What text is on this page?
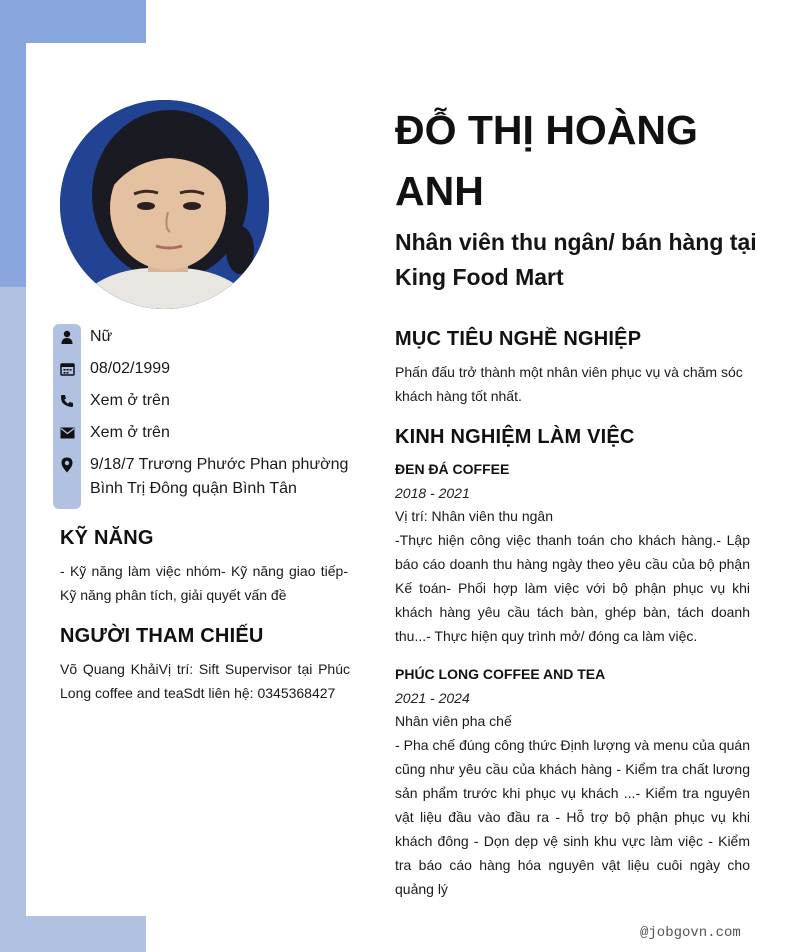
Nữ
08/02/1999
Xem ở trên
Xem ở trên
9/18/7 Trương Phước Phan phường Bình Trị Đông quận Bình Tân
KỸ NĂNG
- Kỹ năng làm việc nhóm- Kỹ năng giao tiếp- Kỹ năng phân tích, giải quyết vấn đề
NGƯỜI THAM CHIẾU
Võ Quang KhảiVị trí: Sift Supervisor tại Phúc Long coffee and teaSdt liên hệ: 0345368427
ĐỖ THỊ HOÀNG ANH
Nhân viên thu ngân/ bán hàng tại King Food Mart
MỤC TIÊU NGHỀ NGHIỆP
Phấn đấu trở thành một nhân viên phục vụ và chăm sóc khách hàng tốt nhất.
KINH NGHIỆM LÀM VIỆC
ĐEN ĐÁ COFFEE
2018 - 2021
Vị trí: Nhân viên thu ngân
-Thực hiện công việc thanh toán cho khách hàng.- Lập báo cáo doanh thu hàng ngày theo yêu cầu của bộ phận Kế toán- Phối hợp làm việc với bộ phận phục vụ khi khách hàng yêu cầu tách bàn, ghép bàn, tách doanh thu...- Thực hiện quy trình mở/ đóng ca làm việc.
PHÚC LONG COFFEE AND TEA
2021 - 2024
Nhân viên pha chế
- Pha chế đúng công thức Định lượng và menu của quán cũng như yêu cầu của khách hàng - Kiểm tra chất lương sản phẩm trước khi phục vụ khách ...- Kiểm tra nguyên vật liệu đầu vào đầu ra - Hỗ trợ bộ phận phục vụ khi khách đông - Dọn dẹp vệ sinh khu vực làm việc - Kiểm tra báo cáo hàng hóa nguyên vật liệu cuôi ngày cho quảng lý
@jobgovn.com
